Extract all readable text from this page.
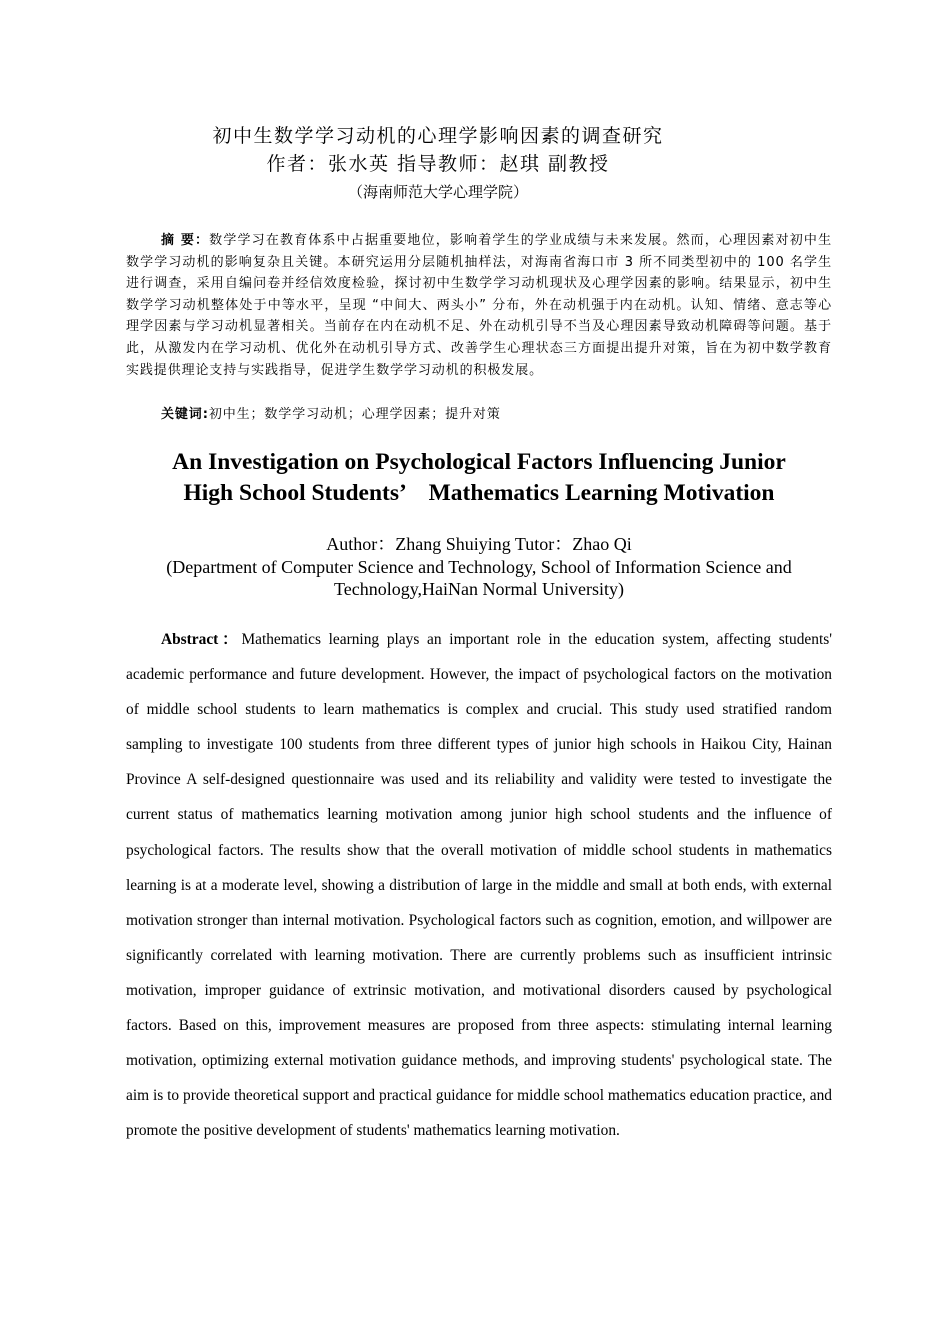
初中生数学学习动机的心理学影响因素的调查研究
作者：张水英 指导教师：赵琪 副教授
（海南师范大学心理学院）

摘 要：数学学习在教育体系中占据重要地位，影响着学生的学业成绩与未来发展。然而，心理因素对初中生数学学习动机的影响复杂且关键。本研究运用分层随机抽样法，对海南省海口市 3 所不同类型初中的 100 名学生进行调查，采用自编问卷并经信效度检验，探讨初中生数学学习动机现状及心理学因素的影响。结果显示，初中生数学学习动机整体处于中等水平，呈现 “中间大、两头小” 分布，外在动机强于内在动机。认知、情绪、意志等心理学因素与学习动机显著相关。当前存在内在动机不足、外在动机引导不当及心理因素导致动机障碍等问题。基于此，从激发内在学习动机、优化外在动机引导方式、改善学生心理状态三方面提出提升对策，旨在为初中数学教育实践提供理论支持与实践指导，促进学生数学学习动机的积极发展。

关键词:初中生；数学学习动机；心理学因素；提升对策
An Investigation on Psychological Factors Influencing Junior
High School Students’　Mathematics Learning Motivation
Author：Zhang Shuiying Tutor：Zhao Qi
(Department of Computer Science and Technology, School of Information Science and
Technology,HaiNan Normal University)

Abstract：Mathematics learning plays an important role in the education system, affecting students' academic performance and future development. However, the impact of psychological factors on the motivation of middle school students to learn mathematics is complex and crucial. This study used stratified random sampling to investigate 100 students from three different types of junior high schools in Haikou City, Hainan Province A self-designed questionnaire was used and its reliability and validity were tested to investigate the current status of mathematics learning motivation among junior high school students and the influence of psychological factors. The results show that the overall motivation of middle school students in mathematics learning is at a moderate level, showing a distribution of large in the middle and small at both ends, with external motivation stronger than internal motivation. Psychological factors such as cognition, emotion, and willpower are significantly correlated with learning motivation. There are currently problems such as insufficient intrinsic motivation, improper guidance of extrinsic motivation, and motivational disorders caused by psychological factors. Based on this, improvement measures are proposed from three aspects: stimulating internal learning motivation, optimizing external motivation guidance methods, and improving students' psychological state. The aim is to provide theoretical support and practical guidance for middle school mathematics education practice, and promote the positive development of students' mathematics learning motivation.
